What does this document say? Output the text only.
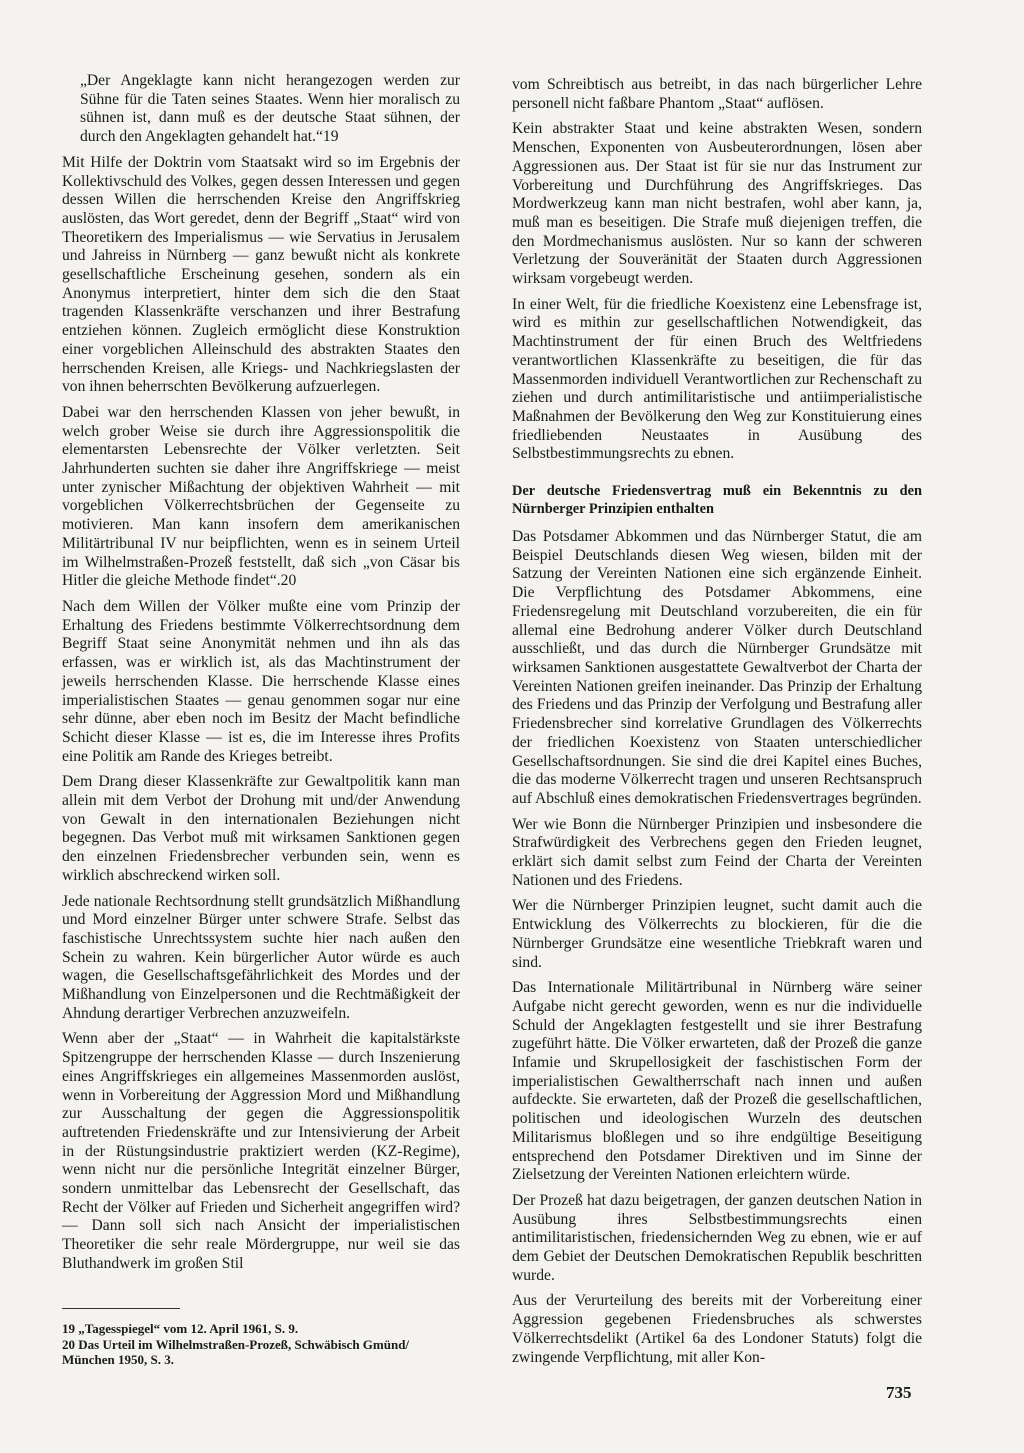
„Der Angeklagte kann nicht herangezogen werden zur Sühne für die Taten seines Staates. Wenn hier moralisch zu sühnen ist, dann muß es der deutsche Staat sühnen, der durch den Angeklagten gehandelt hat.“19

Mit Hilfe der Doktrin vom Staatsakt wird so im Ergebnis der Kollektivschuld des Volkes, gegen dessen Interessen und gegen dessen Willen die herrschenden Kreise den Angriffskrieg auslösten, das Wort geredet, denn der Begriff „Staat“ wird von Theoretikern des Imperialismus — wie Servatius in Jerusalem und Jahreiss in Nürnberg — ganz bewußt nicht als konkrete gesellschaftliche Erscheinung gesehen, sondern als ein Anonymus interpretiert, hinter dem sich die den Staat tragenden Klassenkräfte verschanzen und ihrer Bestrafung entziehen können. Zugleich ermöglicht diese Konstruktion einer vorgeblichen Alleinschuld des abstrakten Staates den herrschenden Kreisen, alle Kriegs- und Nachkriegslasten der von ihnen beherrschten Bevölkerung aufzuerlegen.

Dabei war den herrschenden Klassen von jeher bewußt, in welch grober Weise sie durch ihre Aggressionspolitik die elementarsten Lebensrechte der Völker verletzten. Seit Jahrhunderten suchten sie daher ihre Angriffskriege — meist unter zynischer Mißachtung der objektiven Wahrheit — mit vorgeblichen Völkerrechtsbrüchen der Gegenseite zu motivieren. Man kann insofern dem amerikanischen Militärtribunal IV nur beipflichten, wenn es in seinem Urteil im Wilhelmstraßen-Prozeß feststellt, daß sich „von Cäsar bis Hitler die gleiche Methode findet“.20

Nach dem Willen der Völker mußte eine vom Prinzip der Erhaltung des Friedens bestimmte Völkerrechtsordnung dem Begriff Staat seine Anonymität nehmen und ihn als das erfassen, was er wirklich ist, als das Machtinstrument der jeweils herrschenden Klasse. Die herrschende Klasse eines imperialistischen Staates — genau genommen sogar nur eine sehr dünne, aber eben noch im Besitz der Macht befindliche Schicht dieser Klasse — ist es, die im Interesse ihres Profits eine Politik am Rande des Krieges betreibt.

Dem Drang dieser Klassenkräfte zur Gewaltpolitik kann man allein mit dem Verbot der Drohung mit und/der Anwendung von Gewalt in den internationalen Beziehungen nicht begegnen. Das Verbot muß mit wirksamen Sanktionen gegen den einzelnen Friedensbrecher verbunden sein, wenn es wirklich abschreckend wirken soll.

Jede nationale Rechtsordnung stellt grundsätzlich Mißhandlung und Mord einzelner Bürger unter schwere Strafe. Selbst das faschistische Unrechtssystem suchte hier nach außen den Schein zu wahren. Kein bürgerlicher Autor würde es auch wagen, die Gesellschaftsgefährlichkeit des Mordes und der Mißhandlung von Einzelpersonen und die Rechtmäßigkeit der Ahndung derartiger Verbrechen anzuzweifeln.

Wenn aber der „Staat“ — in Wahrheit die kapitalstärkste Spitzengruppe der herrschenden Klasse — durch Inszenierung eines Angriffskrieges ein allgemeines Massenmorden auslöst, wenn in Vorbereitung der Aggression Mord und Mißhandlung zur Ausschaltung der gegen die Aggressionspolitik auftretenden Friedenskräfte und zur Intensivierung der Arbeit in der Rüstungsindustrie praktiziert werden (KZ-Regime), wenn nicht nur die persönliche Integrität einzelner Bürger, sondern unmittelbar das Lebensrecht der Gesellschaft, das Recht der Völker auf Frieden und Sicherheit angegriffen wird? — Dann soll sich nach Ansicht der imperialistischen Theoretiker die sehr reale Mördergruppe, nur weil sie das Bluthandwerk im großen Stil

vom Schreibtisch aus betreibt, in das nach bürgerlicher Lehre personell nicht faßbare Phantom „Staat“ auflösen.

Kein abstrakter Staat und keine abstrakten Wesen, sondern Menschen, Exponenten von Ausbeuterordnungen, lösen aber Aggressionen aus. Der Staat ist für sie nur das Instrument zur Vorbereitung und Durchführung des Angriffskrieges. Das Mordwerkzeug kann man nicht bestrafen, wohl aber kann, ja, muß man es beseitigen. Die Strafe muß diejenigen treffen, die den Mordmechanismus auslösten. Nur so kann der schweren Verletzung der Souveränität der Staaten durch Aggressionen wirksam vorgebeugt werden.

In einer Welt, für die friedliche Koexistenz eine Lebensfrage ist, wird es mithin zur gesellschaftlichen Notwendigkeit, das Machtinstrument der für einen Bruch des Weltfriedens verantwortlichen Klassenkräfte zu beseitigen, die für das Massenmorden individuell Verantwortlichen zur Rechenschaft zu ziehen und durch antimilitaristische und antiimperialistische Maßnahmen der Bevölkerung den Weg zur Konstituierung eines friedliebenden Neustaates in Ausübung des Selbstbestimmungsrechts zu ebnen.

Der deutsche Friedensvertrag muß ein Bekenntnis zu den Nürnberger Prinzipien enthalten

Das Potsdamer Abkommen und das Nürnberger Statut, die am Beispiel Deutschlands diesen Weg wiesen, bilden mit der Satzung der Vereinten Nationen eine sich ergänzende Einheit. Die Verpflichtung des Potsdamer Abkommens, eine Friedensregelung mit Deutschland vorzubereiten, die ein für allemal eine Bedrohung anderer Völker durch Deutschland ausschließt, und das durch die Nürnberger Grundsätze mit wirksamen Sanktionen ausgestattete Gewaltverbot der Charta der Vereinten Nationen greifen ineinander. Das Prinzip der Erhaltung des Friedens und das Prinzip der Verfolgung und Bestrafung aller Friedensbrecher sind korrelative Grundlagen des Völkerrechts der friedlichen Koexistenz von Staaten unterschiedlicher Gesellschaftsordnungen. Sie sind die drei Kapitel eines Buches, die das moderne Völkerrecht tragen und unseren Rechtsanspruch auf Abschluß eines demokratischen Friedensvertrages begründen.

Wer wie Bonn die Nürnberger Prinzipien und insbesondere die Strafwürdigkeit des Verbrechens gegen den Frieden leugnet, erklärt sich damit selbst zum Feind der Charta der Vereinten Nationen und des Friedens.

Wer die Nürnberger Prinzipien leugnet, sucht damit auch die Entwicklung des Völkerrechts zu blockieren, für die die Nürnberger Grundsätze eine wesentliche Triebkraft waren und sind.

Das Internationale Militärtribunal in Nürnberg wäre seiner Aufgabe nicht gerecht geworden, wenn es nur die individuelle Schuld der Angeklagten festgestellt und sie ihrer Bestrafung zugeführt hätte. Die Völker erwarteten, daß der Prozeß die ganze Infamie und Skrupellosigkeit der faschistischen Form der imperialistischen Gewaltherrschaft nach innen und außen aufdeckte. Sie erwarteten, daß der Prozeß die gesellschaftlichen, politischen und ideologischen Wurzeln des deutschen Militarismus bloßlegen und so ihre endgültige Beseitigung entsprechend den Potsdamer Direktiven und im Sinne der Zielsetzung der Vereinten Nationen erleichtern würde.

Der Prozeß hat dazu beigetragen, der ganzen deutschen Nation in Ausübung ihres Selbstbestimmungsrechts einen antimilitaristischen, friedensichernden Weg zu ebnen, wie er auf dem Gebiet der Deutschen Demokratischen Republik beschritten wurde.

Aus der Verurteilung des bereits mit der Vorbereitung einer Aggression gegebenen Friedensbruches als schwerstes Völkerrechtsdelikt (Artikel 6a des Londoner Statuts) folgt die zwingende Verpflichtung, mit aller Kon-

19 „Tagesspiegel“ vom 12. April 1961, S. 9.

20 Das Urteil im Wilhelmstraßen-Prozeß, Schwäbisch Gmünd/ München 1950, S. 3.

735
